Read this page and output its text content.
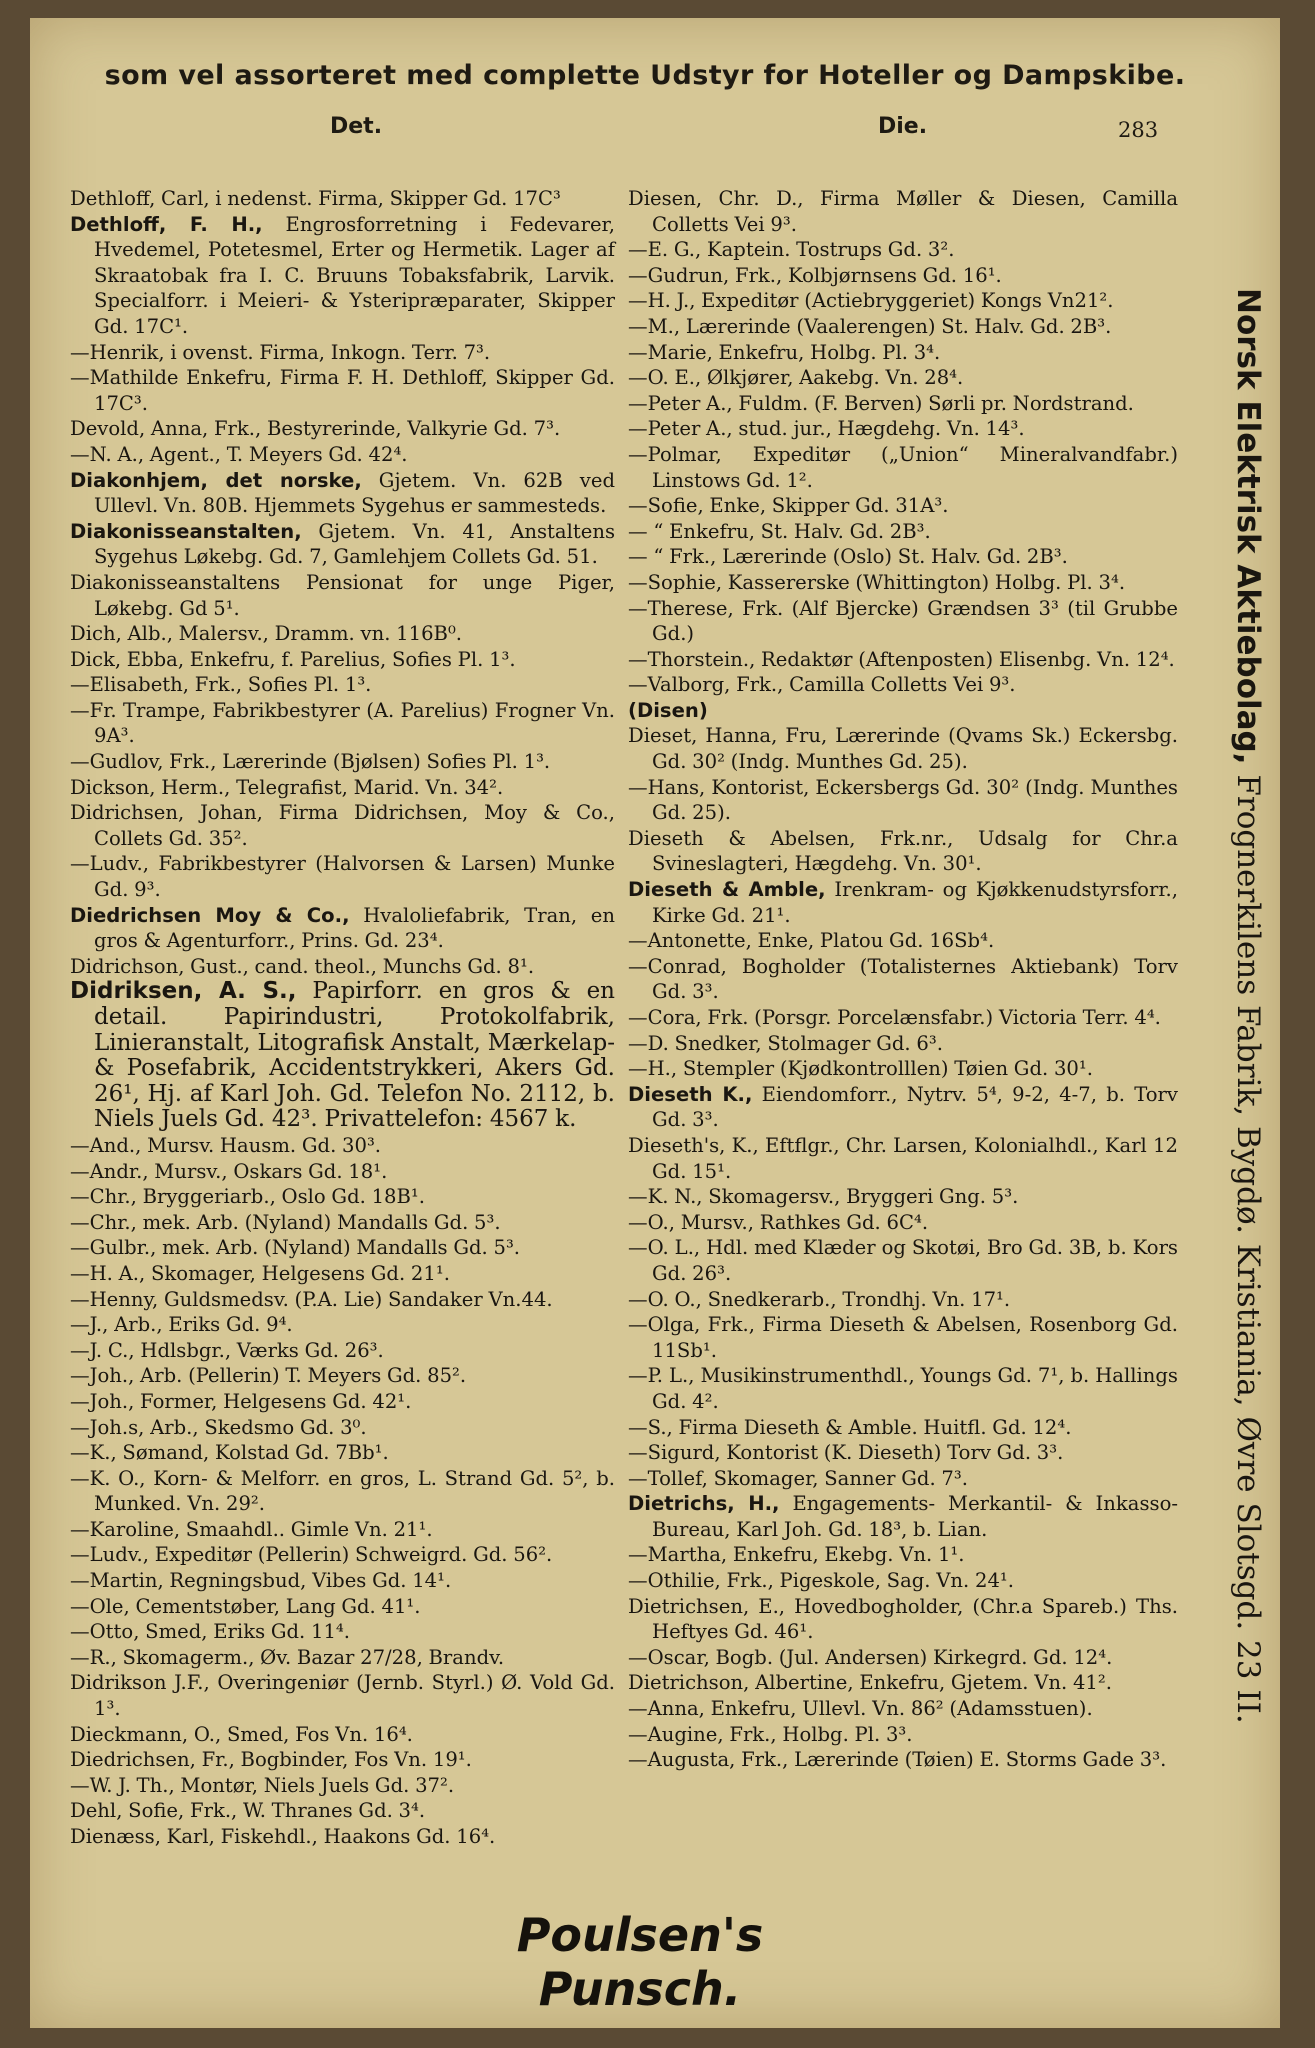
som vel assorteret med complette Udstyr for Hoteller og Dampskibe.
Det.	Die.	283
Dethloff, Carl, i nedenst. Firma, Skipper Gd. 17C³
Dethloff, F. H., Engrosforretning i Fedevarer, Hvedemel, Potetesmel, Erter og Hermetik. Lager af Skraatobak fra I. C. Bruuns Tobaksfabrik, Larvik. Specialforr. i Meieri- & Ysteripræparater, Skipper Gd. 17C¹.
—Henrik, i ovenst. Firma, Inkogn. Terr. 7³.
—Mathilde Enkefru, Firma F. H. Dethloff, Skipper Gd. 17C³.
Devold, Anna, Frk., Bestyrerinde, Valkyrie Gd. 7³.
—N. A., Agent., T. Meyers Gd. 42⁴.
Diakonhjem, det norske, Gjetem. Vn. 62B ved Ullevl. Vn. 80B. Hjemmets Sygehus er sammesteds.
Diakonisseanstalten, Gjetem. Vn. 41, Anstaltens Sygehus Løkebg. Gd. 7, Gamlehjem Collets Gd. 51.
Diakonisseanstaltens Pensionat for unge Piger, Løkebg. Gd 5¹.
Dich, Alb., Malersv., Dramm. vn. 116B⁰.
Dick, Ebba, Enkefru, f. Parelius, Sofies Pl. 1³.
—Elisabeth, Frk., Sofies Pl. 1³.
—Fr. Trampe, Fabrikbestyrer (A. Parelius) Frogner Vn. 9A³.
—Gudlov, Frk., Lærerinde (Bjølsen) Sofies Pl. 1³.
Dickson, Herm., Telegrafist, Marid. Vn. 34².
Didrichsen, Johan, Firma Didrichsen, Moy & Co., Collets Gd. 35².
—Ludv., Fabrikbestyrer (Halvorsen & Larsen) Munke Gd. 9³.
Diedrichsen Moy & Co., Hvaloliefabrik, Tran, en gros & Agenturforr., Prins. Gd. 23⁴.
Didrichson, Gust., cand. theol., Munchs Gd. 8¹.
Didriksen, A. S., Papirforr. en gros & en detail. Papirindustri, Protokolfabrik, Linieranstalt, Litografisk Anstalt, Mærkelap- & Posefabrik, Accidentstrykkeri, Akers Gd. 26¹, Hj. af Karl Joh. Gd. Telefon No. 2112, b. Niels Juels Gd. 42³. Privattelefon: 4567 k.
—And., Mursv. Hausm. Gd. 30³.
—Andr., Mursv., Oskars Gd. 18¹.
—Chr., Bryggeriarb., Oslo Gd. 18B¹.
—Chr., mek. Arb. (Nyland) Mandalls Gd. 5³.
—Gulbr., mek. Arb. (Nyland) Mandalls Gd. 5³.
—H. A., Skomager, Helgesens Gd. 21¹.
—Henny, Guldsmedsv. (P.A. Lie) Sandaker Vn.44.
—J., Arb., Eriks Gd. 9⁴.
—J. C., Hdlsbgr., Værks Gd. 26³.
—Joh., Arb. (Pellerin) T. Meyers Gd. 85².
—Joh., Former, Helgesens Gd. 42¹.
—Joh.s, Arb., Skedsmo Gd. 3⁰.
—K., Sømand, Kolstad Gd. 7Bb¹.
—K. O., Korn- & Melforr. en gros, L. Strand Gd. 5², b. Munked. Vn. 29².
—Karoline, Smaahdl.. Gimle Vn. 21¹.
—Ludv., Expeditør (Pellerin) Schweigrd. Gd. 56².
—Martin, Regningsbud, Vibes Gd. 14¹.
—Ole, Cementstøber, Lang Gd. 41¹.
—Otto, Smed, Eriks Gd. 11⁴.
—R., Skomagerm., Øv. Bazar 27/28, Brandv.
Didrikson J.F., Overingeniør (Jernb. Styrl.) Ø. Vold Gd. 1³.
Dieckmann, O., Smed, Fos Vn. 16⁴.
Diedrichsen, Fr., Bogbinder, Fos Vn. 19¹.
—W. J. Th., Montør, Niels Juels Gd. 37².
Dehl, Sofie, Frk., W. Thranes Gd. 3⁴.
Dienæss, Karl, Fiskehdl., Haakons Gd. 16⁴.
Diesen, Chr. D., Firma Møller & Diesen, Camilla Colletts Vei 9³.
—E. G., Kaptein. Tostrups Gd. 3².
—Gudrun, Frk., Kolbjørnsens Gd. 16¹.
—H. J., Expeditør (Actiebryggeriet) Kongs Vn21².
—M., Lærerinde (Vaalerengen) St. Halv. Gd. 2B³.
—Marie, Enkefru, Holbg. Pl. 3⁴.
—O. E., Ølkjører, Aakebg. Vn. 28⁴.
—Peter A., Fuldm. (F. Berven) Sørli pr. Nordstrand.
—Peter A., stud. jur., Hægdehg. Vn. 14³.
—Polmar, Expeditør („Union“ Mineralvandfabr.) Linstows Gd. 1².
—Sofie, Enke, Skipper Gd. 31A³.
— “ Enkefru, St. Halv. Gd. 2B³.
— “ Frk., Lærerinde (Oslo) St. Halv. Gd. 2B³.
—Sophie, Kassererske (Whittington) Holbg. Pl. 3⁴.
—Therese, Frk. (Alf Bjercke) Grændsen 3³ (til Grubbe Gd.)
—Thorstein., Redaktør (Aftenposten) Elisenbg. Vn. 12⁴.
—Valborg, Frk., Camilla Colletts Vei 9³.
(Disen)
Dieset, Hanna, Fru, Lærerinde (Qvams Sk.) Eckersbg. Gd. 30² (Indg. Munthes Gd. 25).
—Hans, Kontorist, Eckersbergs Gd. 30² (Indg. Munthes Gd. 25).
Dieseth & Abelsen, Frk.nr., Udsalg for Chr.a Svineslagteri, Hægdehg. Vn. 30¹.
Dieseth & Amble, Irenkram- og Kjøkkenudstyrsforr., Kirke Gd. 21¹.
—Antonette, Enke, Platou Gd. 16Sb⁴.
—Conrad, Bogholder (Totalisternes Aktiebank) Torv Gd. 3³.
—Cora, Frk. (Porsgr. Porcelænsfabr.) Victoria Terr. 4⁴.
—D. Snedker, Stolmager Gd. 6³.
—H., Stempler (Kjødkontrolllen) Tøien Gd. 30¹.
Dieseth K., Eiendomforr., Nytrv. 5⁴, 9-2, 4-7, b. Torv Gd. 3³.
Dieseth's, K., Eftflgr., Chr. Larsen, Kolonialhdl., Karl 12 Gd. 15¹.
—K. N., Skomagersv., Bryggeri Gng. 5³.
—O., Mursv., Rathkes Gd. 6C⁴.
—O. L., Hdl. med Klæder og Skotøi, Bro Gd. 3B, b. Kors Gd. 26³.
—O. O., Snedkerarb., Trondhj. Vn. 17¹.
—Olga, Frk., Firma Dieseth & Abelsen, Rosenborg Gd. 11Sb¹.
—P. L., Musikinstrumenthdl., Youngs Gd. 7¹, b. Hallings Gd. 4².
—S., Firma Dieseth & Amble. Huitfl. Gd. 12⁴.
—Sigurd, Kontorist (K. Dieseth) Torv Gd. 3³.
—Tollef, Skomager, Sanner Gd. 7³.
Dietrichs, H., Engagements- Merkantil- & Inkasso-Bureau, Karl Joh. Gd. 18³, b. Lian.
—Martha, Enkefru, Ekebg. Vn. 1¹.
—Othilie, Frk., Pigeskole, Sag. Vn. 24¹.
Dietrichsen, E., Hovedbogholder, (Chr.a Spareb.) Ths. Heftyes Gd. 46¹.
—Oscar, Bogb. (Jul. Andersen) Kirkegrd. Gd. 12⁴.
Dietrichson, Albertine, Enkefru, Gjetem. Vn. 41².
—Anna, Enkefru, Ullevl. Vn. 86² (Adamsstuen).
—Augine, Frk., Holbg. Pl. 3³.
—Augusta, Frk., Lærerinde (Tøien) E. Storms Gade 3³.
Norsk Elektrisk Aktiebolag, Frognerkilens Fabrik, Bygdø. Kristiania, Øvre Slotsgd. 23 II.
Poulsen's Punsch.
